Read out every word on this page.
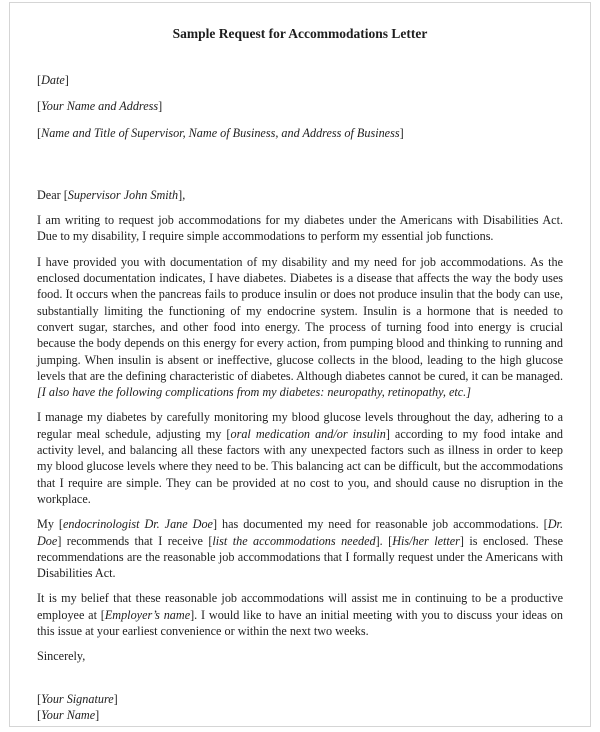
Sample Request for Accommodations Letter

[Date]

[Your Name and Address]

[Name and Title of Supervisor, Name of Business, and Address of Business]

Dear [Supervisor John Smith],

I am writing to request job accommodations for my diabetes under the Americans with Disabilities Act. Due to my disability, I require simple accommodations to perform my essential job functions.

I have provided you with documentation of my disability and my need for job accommodations. As the enclosed documentation indicates, I have diabetes. Diabetes is a disease that affects the way the body uses food. It occurs when the pancreas fails to produce insulin or does not produce insulin that the body can use, substantially limiting the functioning of my endocrine system. Insulin is a hormone that is needed to convert sugar, starches, and other food into energy. The process of turning food into energy is crucial because the body depends on this energy for every action, from pumping blood and thinking to running and jumping. When insulin is absent or ineffective, glucose collects in the blood, leading to the high glucose levels that are the defining characteristic of diabetes. Although diabetes cannot be cured, it can be managed. [I also have the following complications from my diabetes: neuropathy, retinopathy, etc.]

I manage my diabetes by carefully monitoring my blood glucose levels throughout the day, adhering to a regular meal schedule, adjusting my [oral medication and/or insulin] according to my food intake and activity level, and balancing all these factors with any unexpected factors such as illness in order to keep my blood glucose levels where they need to be. This balancing act can be difficult, but the accommodations that I require are simple. They can be provided at no cost to you, and should cause no disruption in the workplace.

My [endocrinologist Dr. Jane Doe] has documented my need for reasonable job accommodations. [Dr. Doe] recommends that I receive [list the accommodations needed]. [His/her letter] is enclosed. These recommendations are the reasonable job accommodations that I formally request under the Americans with Disabilities Act.

It is my belief that these reasonable job accommodations will assist me in continuing to be a productive employee at [Employer’s name]. I would like to have an initial meeting with you to discuss your ideas on this issue at your earliest convenience or within the next two weeks.

Sincerely,

[Your Signature]

[Your Name]
